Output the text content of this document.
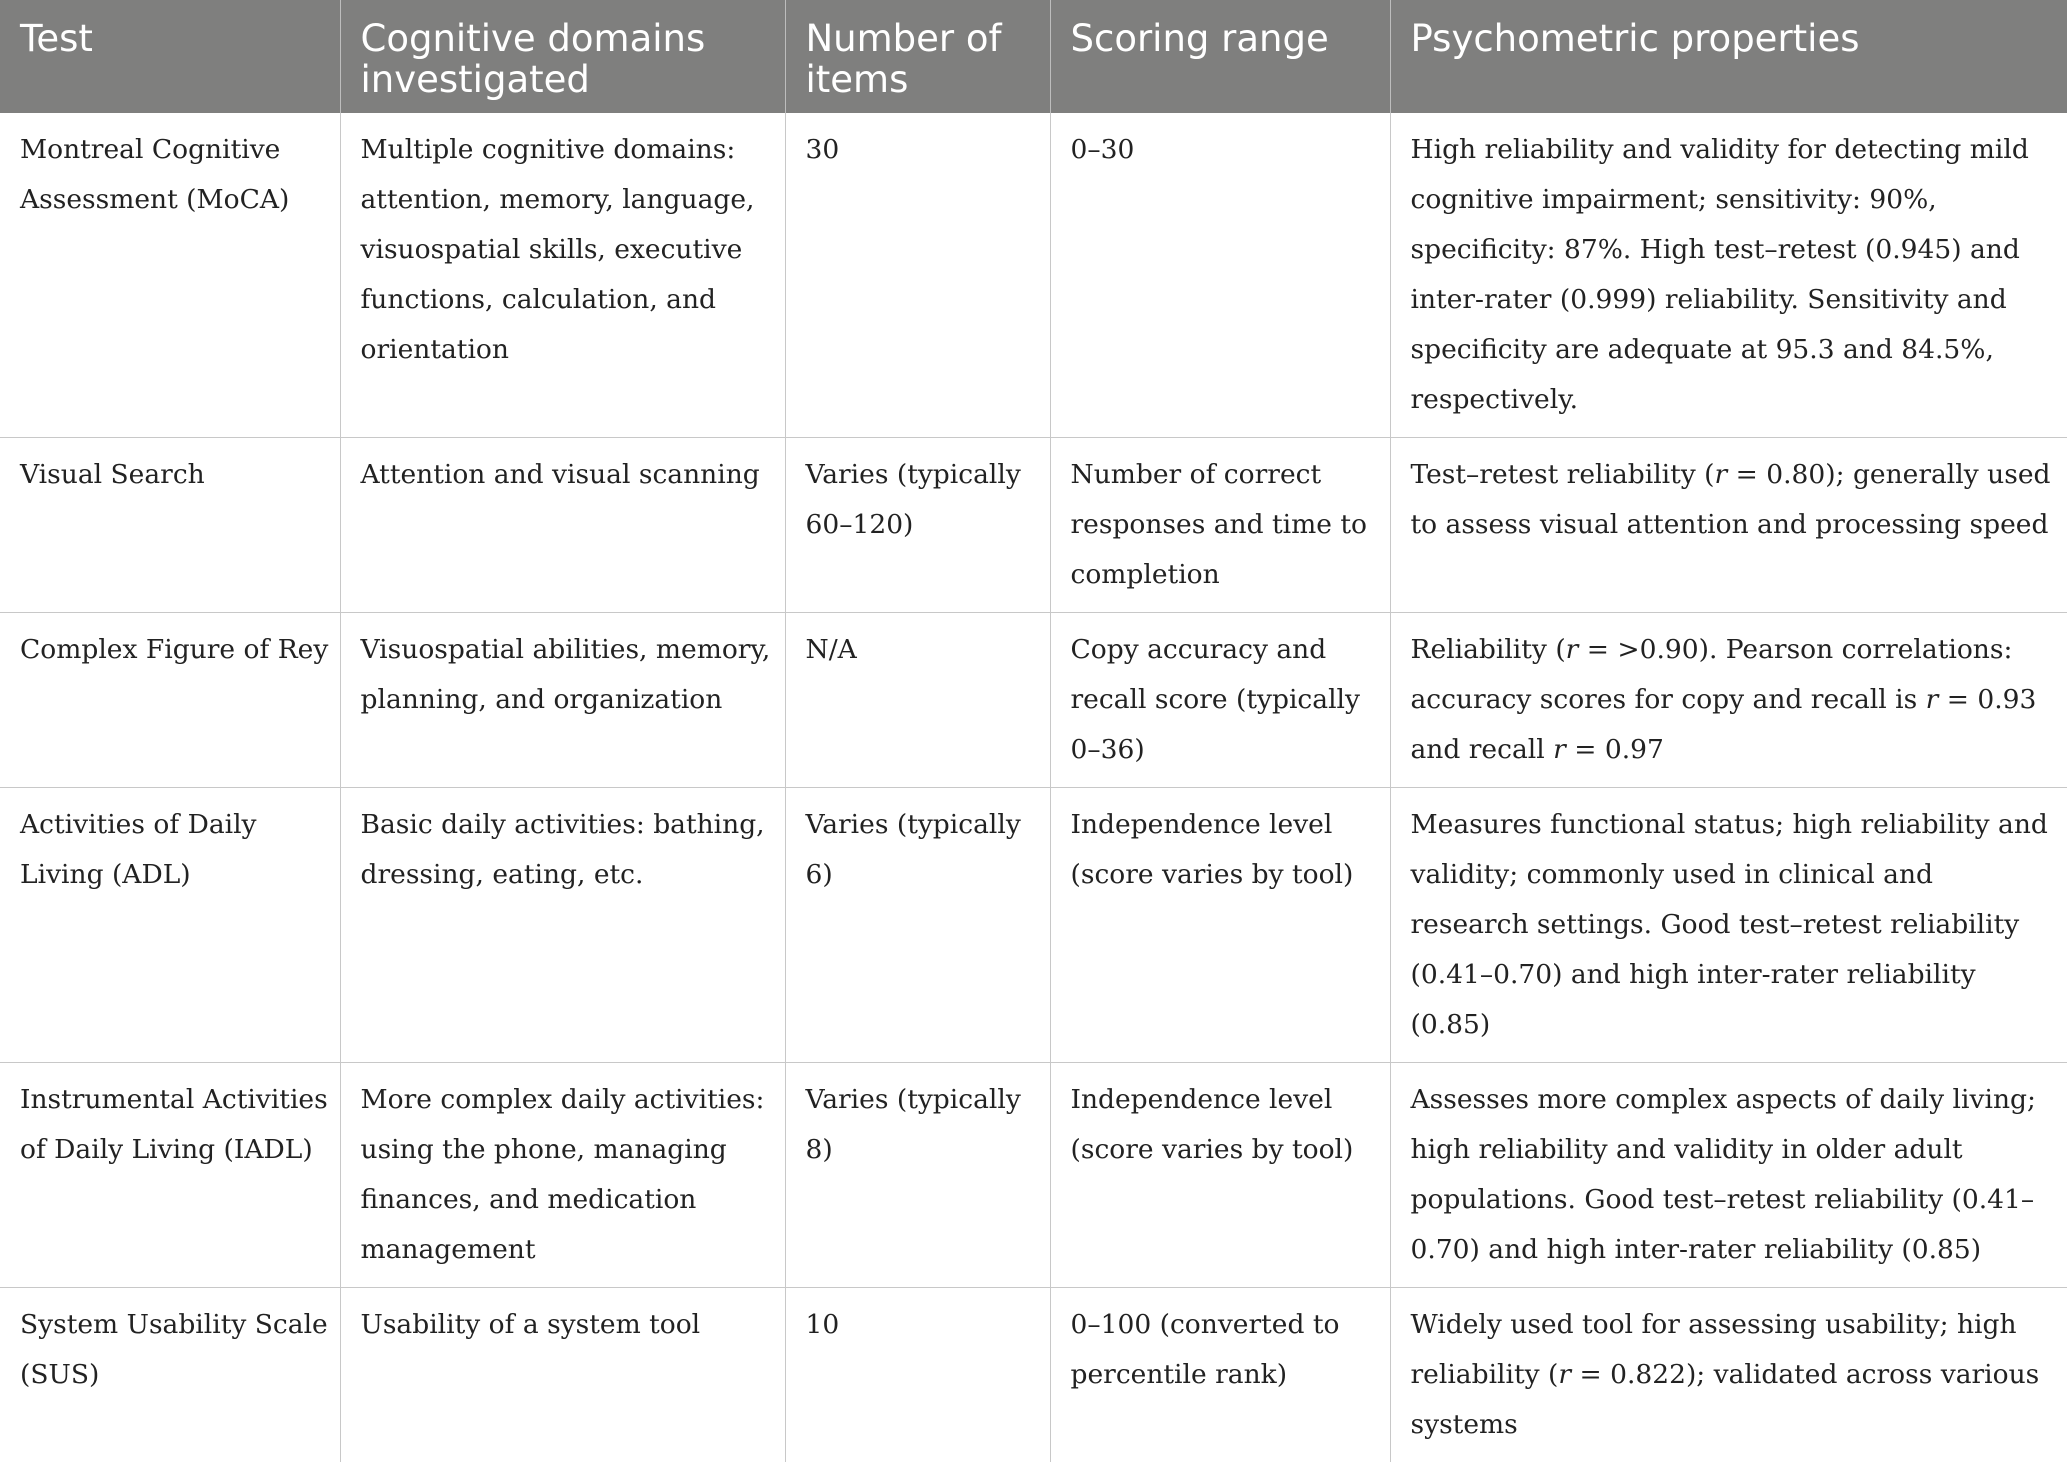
Test	Cognitive domains investigated	Number of items	Scoring range	Psychometric properties
Montreal Cognitive Assessment (MoCA)	Multiple cognitive domains: attention, memory, language, visuospatial skills, executive functions, calculation, and orientation	30	0–30	High reliability and validity for detecting mild cognitive impairment; sensitivity: 90%, specificity: 87%. High test–retest (0.945) and inter-rater (0.999) reliability. Sensitivity and specificity are adequate at 95.3 and 84.5%, respectively.
Visual Search	Attention and visual scanning	Varies (typically 60–120)	Number of correct responses and time to completion	Test–retest reliability (r = 0.80); generally used to assess visual attention and processing speed
Complex Figure of Rey	Visuospatial abilities, memory, planning, and organization	N/A	Copy accuracy and recall score (typically 0–36)	Reliability (r = >0.90). Pearson correlations: accuracy scores for copy and recall is r = 0.93 and recall r = 0.97
Activities of Daily Living (ADL)	Basic daily activities: bathing, dressing, eating, etc.	Varies (typically 6)	Independence level (score varies by tool)	Measures functional status; high reliability and validity; commonly used in clinical and research settings. Good test–retest reliability (0.41–0.70) and high inter-rater reliability (0.85)
Instrumental Activities of Daily Living (IADL)	More complex daily activities: using the phone, managing finances, and medication management	Varies (typically 8)	Independence level (score varies by tool)	Assesses more complex aspects of daily living; high reliability and validity in older adult populations. Good test–retest reliability (0.41–0.70) and high inter-rater reliability (0.85)
System Usability Scale (SUS)	Usability of a system tool	10	0–100 (converted to percentile rank)	Widely used tool for assessing usability; high reliability (r = 0.822); validated across various systems
